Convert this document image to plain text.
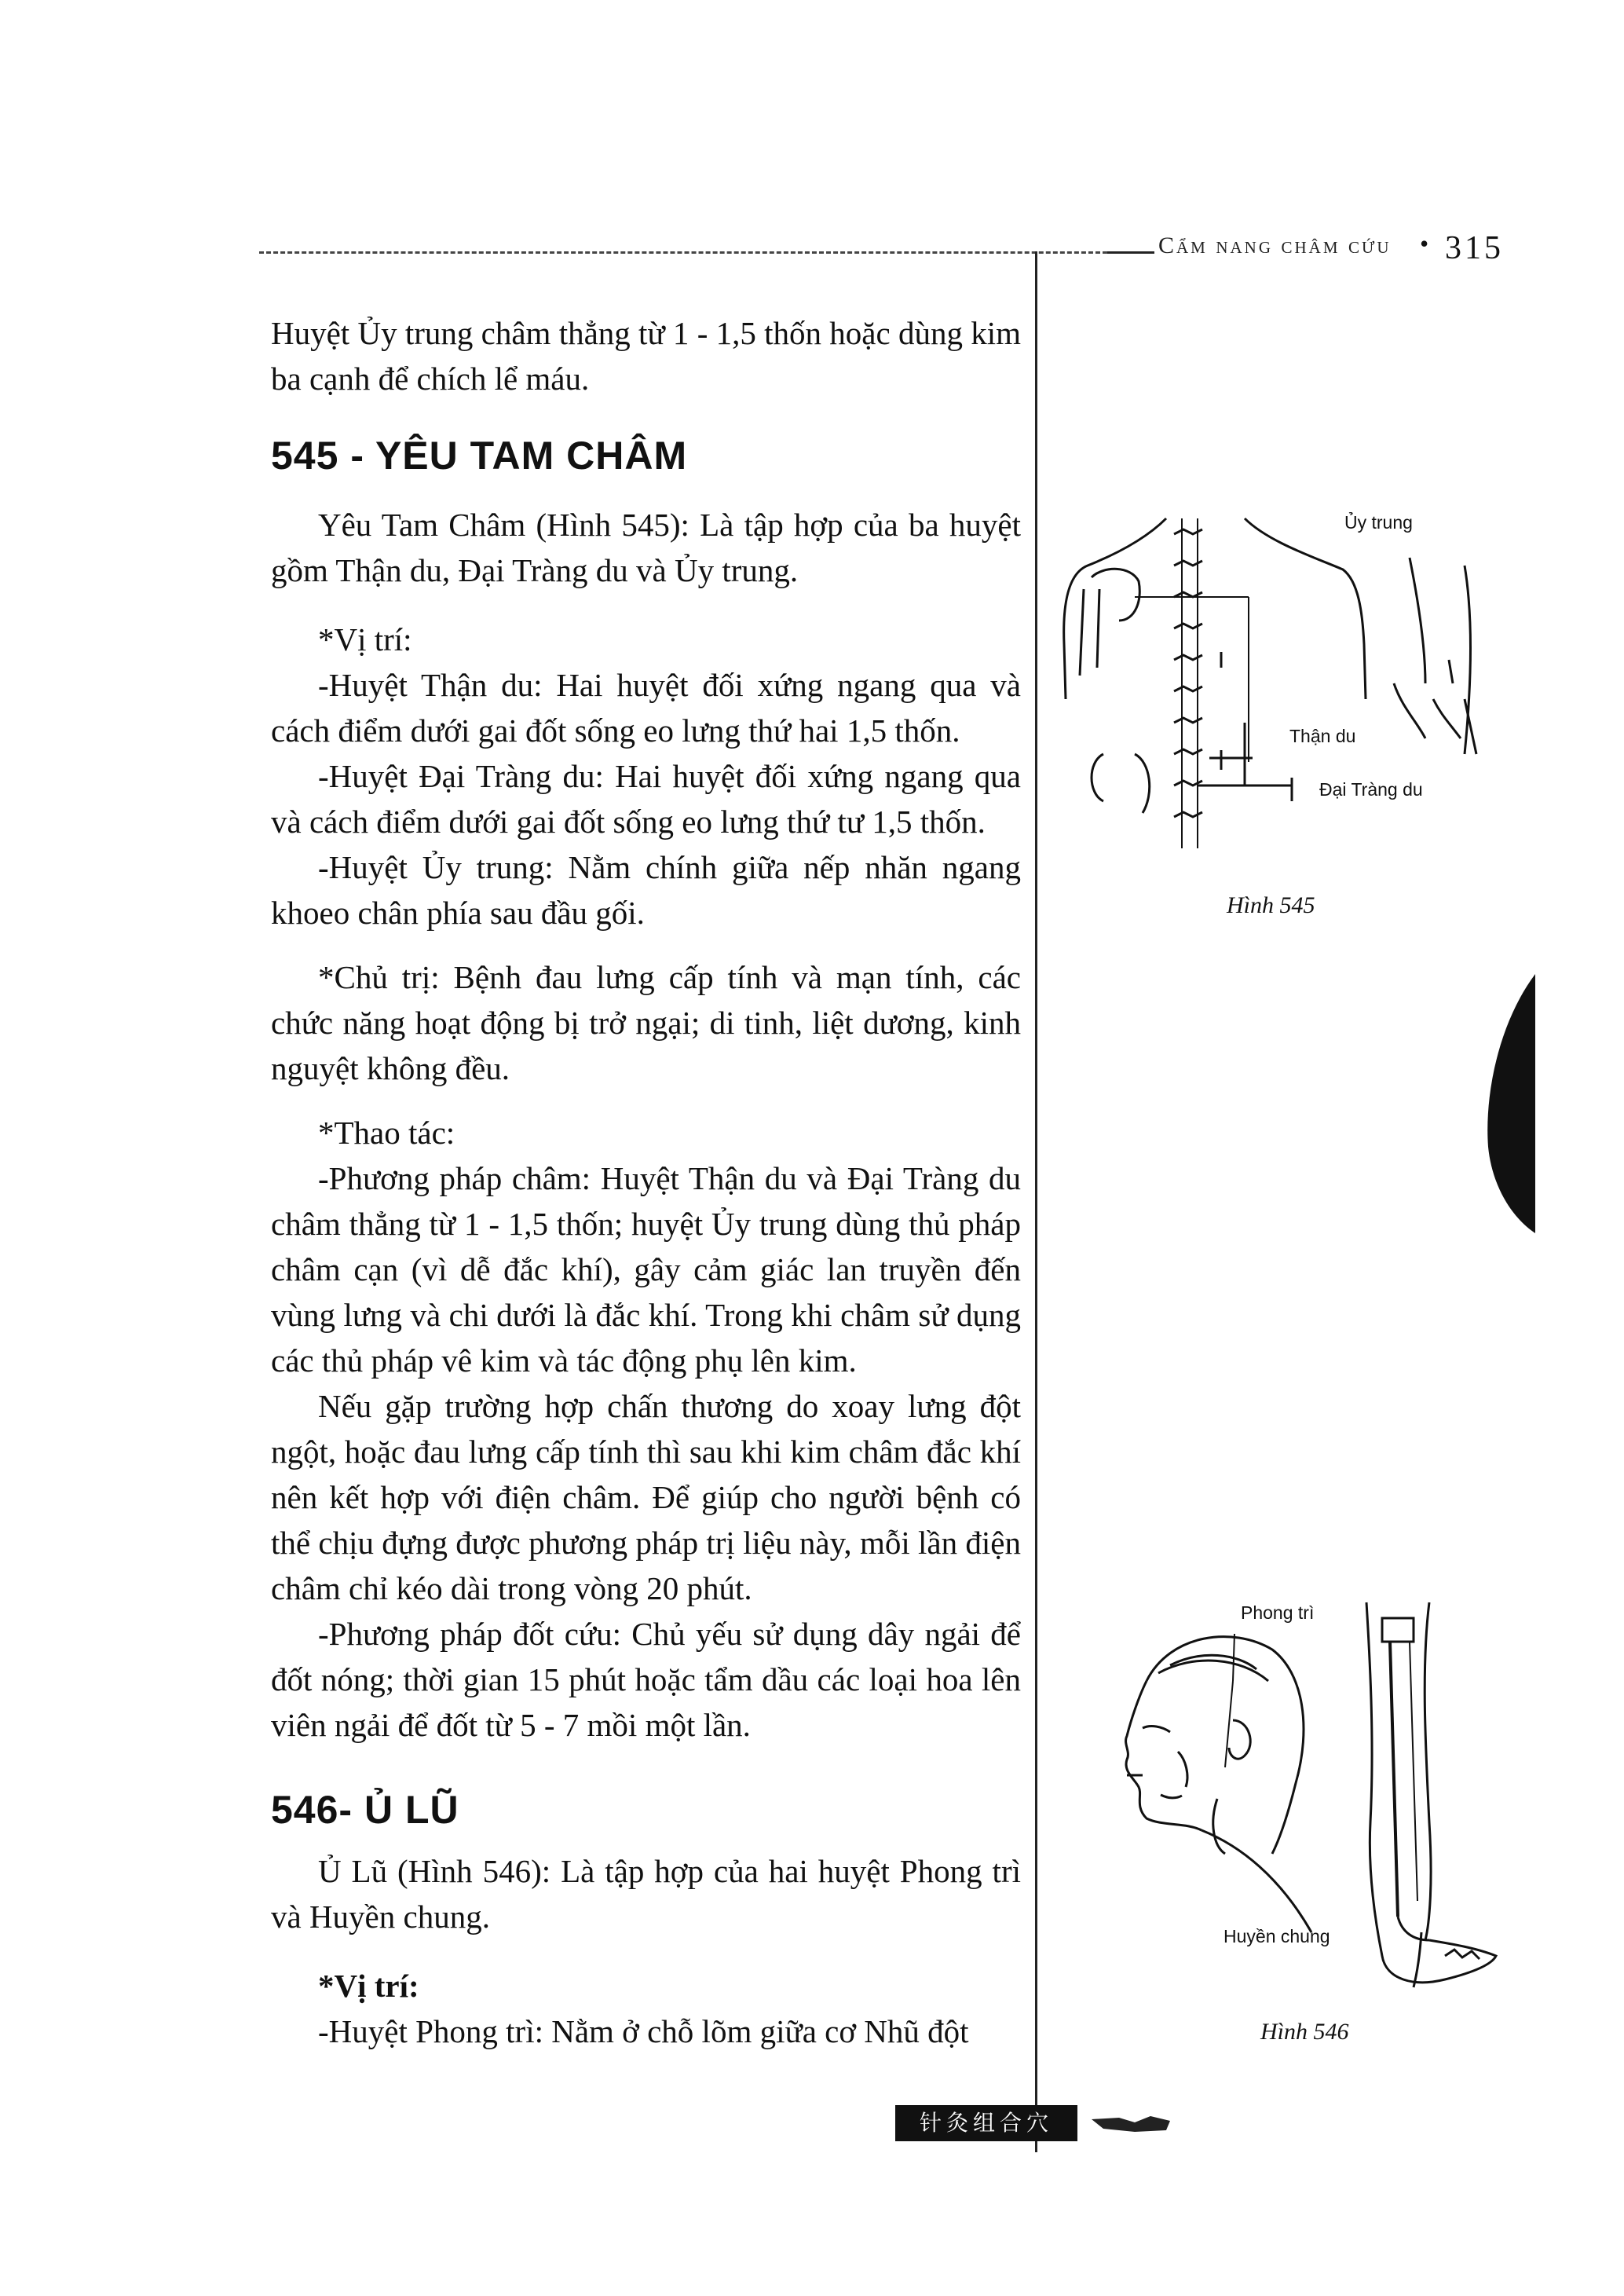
Cẩm nang châm cứu • 315

Huyệt Ủy trung châm thẳng từ 1 - 1,5 thốn hoặc dùng kim ba cạnh để chích lể máu.

545 - YÊU TAM CHÂM

Yêu Tam Châm (Hình 545): Là tập hợp của ba huyệt gồm Thận du, Đại Tràng du và Ủy trung.

*Vị trí:

-Huyệt Thận du: Hai huyệt đối xứng ngang qua và cách điểm dưới gai đốt sống eo lưng thứ hai 1,5 thốn.

-Huyệt Đại Tràng du: Hai huyệt đối xứng ngang qua và cách điểm dưới gai đốt sống eo lưng thứ tư 1,5 thốn.

-Huyệt Ủy trung: Nằm chính giữa nếp nhăn ngang khoeo chân phía sau đầu gối.

*Chủ trị: Bệnh đau lưng cấp tính và mạn tính, các chức năng hoạt động bị trở ngại; di tinh, liệt dương, kinh nguyệt không đều.

*Thao tác:

-Phương pháp châm: Huyệt Thận du và Đại Tràng du châm thẳng từ 1 - 1,5 thốn; huyệt Ủy trung dùng thủ pháp châm cạn (vì dễ đắc khí), gây cảm giác lan truyền đến vùng lưng và chi dưới là đắc khí. Trong khi châm sử dụng các thủ pháp vê kim và tác động phụ lên kim.

Nếu gặp trường hợp chấn thương do xoay lưng đột ngột, hoặc đau lưng cấp tính thì sau khi kim châm đắc khí nên kết hợp với điện châm. Để giúp cho người bệnh có thể chịu đựng được phương pháp trị liệu này, mỗi lần điện châm chỉ kéo dài trong vòng 20 phút.

-Phương pháp đốt cứu: Chủ yếu sử dụng dây ngải để đốt nóng; thời gian 15 phút hoặc tẩm dầu các loại hoa lên viên ngải để đốt từ 5 - 7 mồi một lần.

546- Ủ LŨ

Ủ Lũ (Hình 546): Là tập hợp của hai huyệt Phong trì và Huyền chung.

*Vị trí:

-Huyệt Phong trì: Nằm ở chỗ lõm giữa cơ Nhũ đột

Ủy trung
Thận du
Đại Tràng du
Hình 545
Phong trì
Huyền chung
Hình 546
针灸组合穴
